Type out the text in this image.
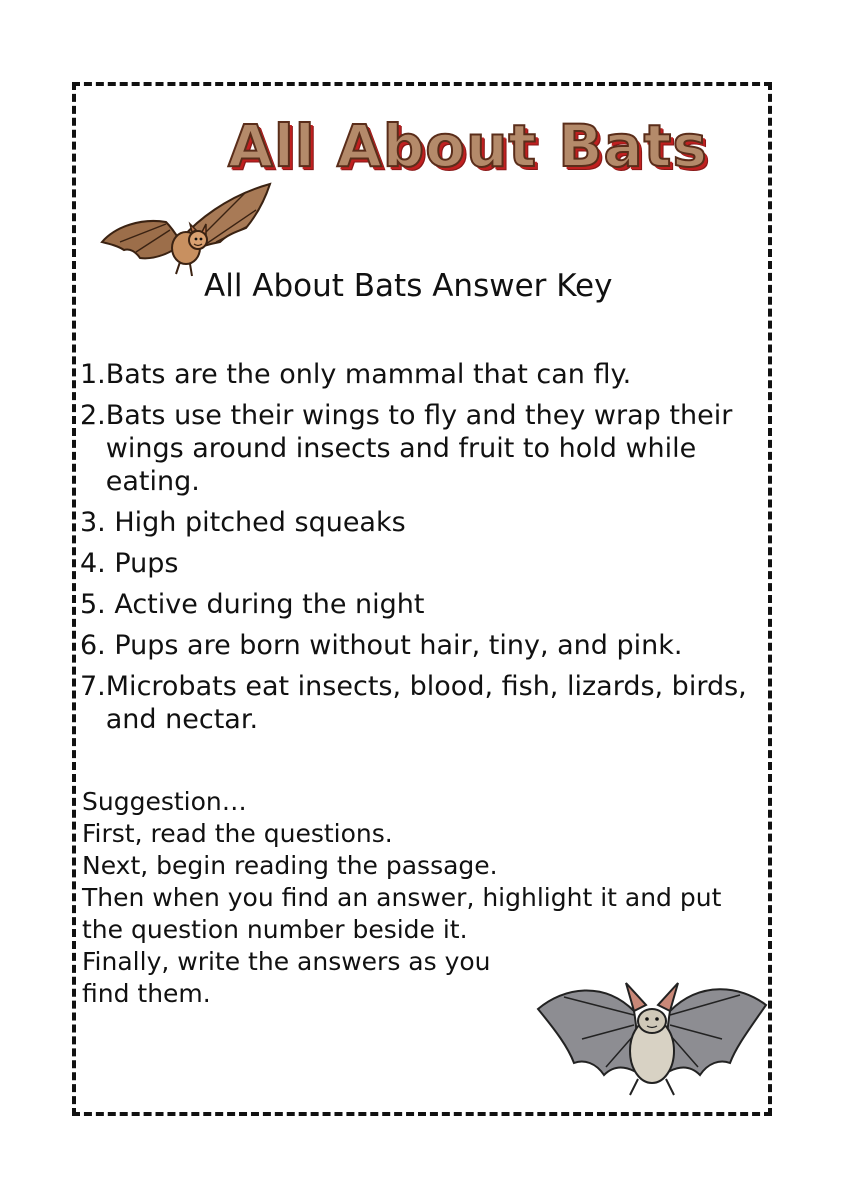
All About Bats
All About Bats Answer Key
1. Bats are the only mammal that can fly.
2. Bats use their wings to fly and they wrap their wings around insects and fruit to hold while eating.
3. High pitched squeaks
4. Pups
5. Active during the night
6. Pups are born without hair, tiny, and pink.
7. Microbats eat insects, blood, fish, lizards, birds, and nectar.
Suggestion…
First, read the questions.
Next, begin reading the passage.
Then when you find an answer, highlight it and put
the question number beside it.
Finally, write the answers as you
find them.
